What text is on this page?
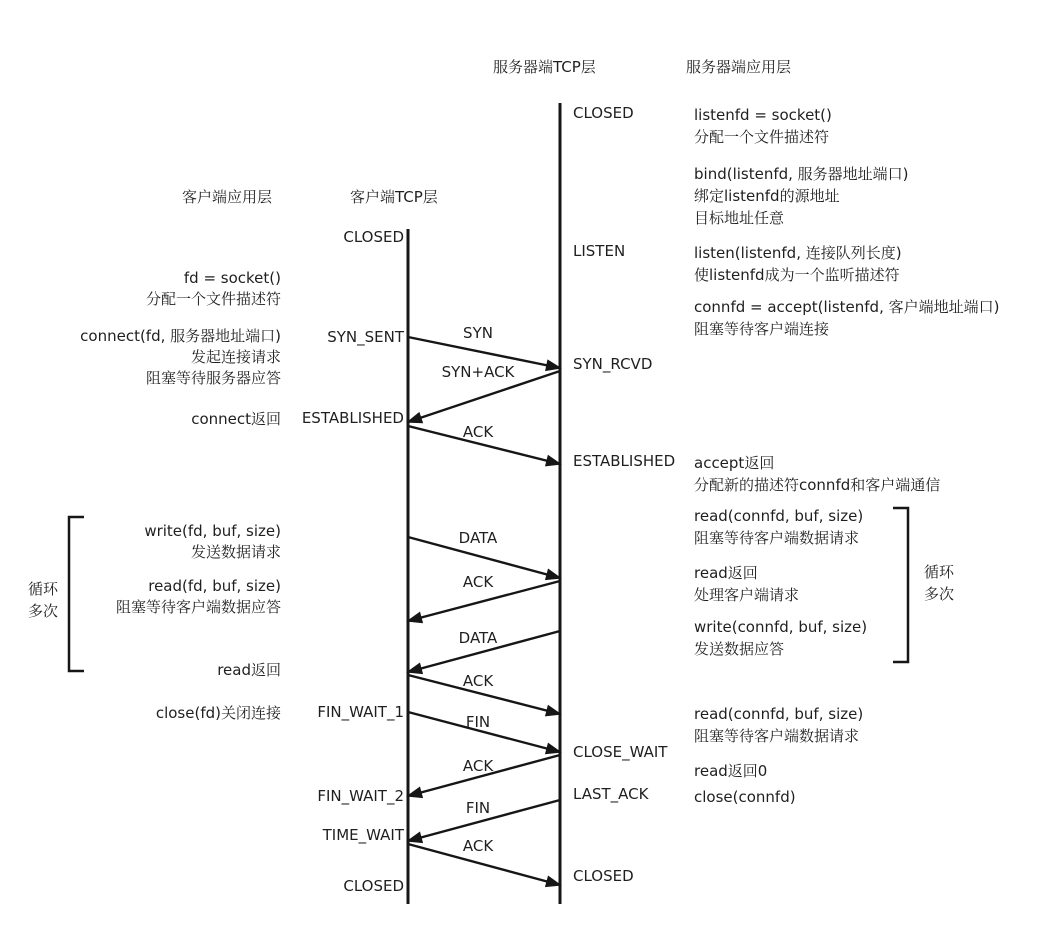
客户端应用层	客户端TCP层
服务器端TCP层	服务器端应用层
CLOSED
SYN_SENT
ESTABLISHED
FIN_WAIT_1
FIN_WAIT_2
TIME_WAIT
CLOSED
CLOSED
LISTEN
SYN_RCVD
ESTABLISHED
CLOSE_WAIT
LAST_ACK
CLOSED
SYN
SYN+ACK
ACK
DATA
ACK
DATA
ACK
FIN
ACK
FIN
ACK
fd = socket()
分配一个文件描述符
connect(fd, 服务器地址端口)
发起连接请求
阻塞等待服务器应答
connect返回
write(fd, buf, size)
发送数据请求
read(fd, buf, size)
阻塞等待客户端数据应答
read返回
close(fd)关闭连接
listenfd = socket()
分配一个文件描述符
bind(listenfd, 服务器地址端口)
绑定listenfd的源地址
目标地址任意
listen(listenfd, 连接队列长度)
使listenfd成为一个监听描述符
connfd = accept(listenfd, 客户端地址端口)
阻塞等待客户端连接
accept返回
分配新的描述符connfd和客户端通信
read(connfd, buf, size)
阻塞等待客户端数据请求
read返回
处理客户端请求
write(connfd, buf, size)
发送数据应答
read(connfd, buf, size)
阻塞等待客户端数据请求
read返回0
close(connfd)
循环
多次
循环
多次
